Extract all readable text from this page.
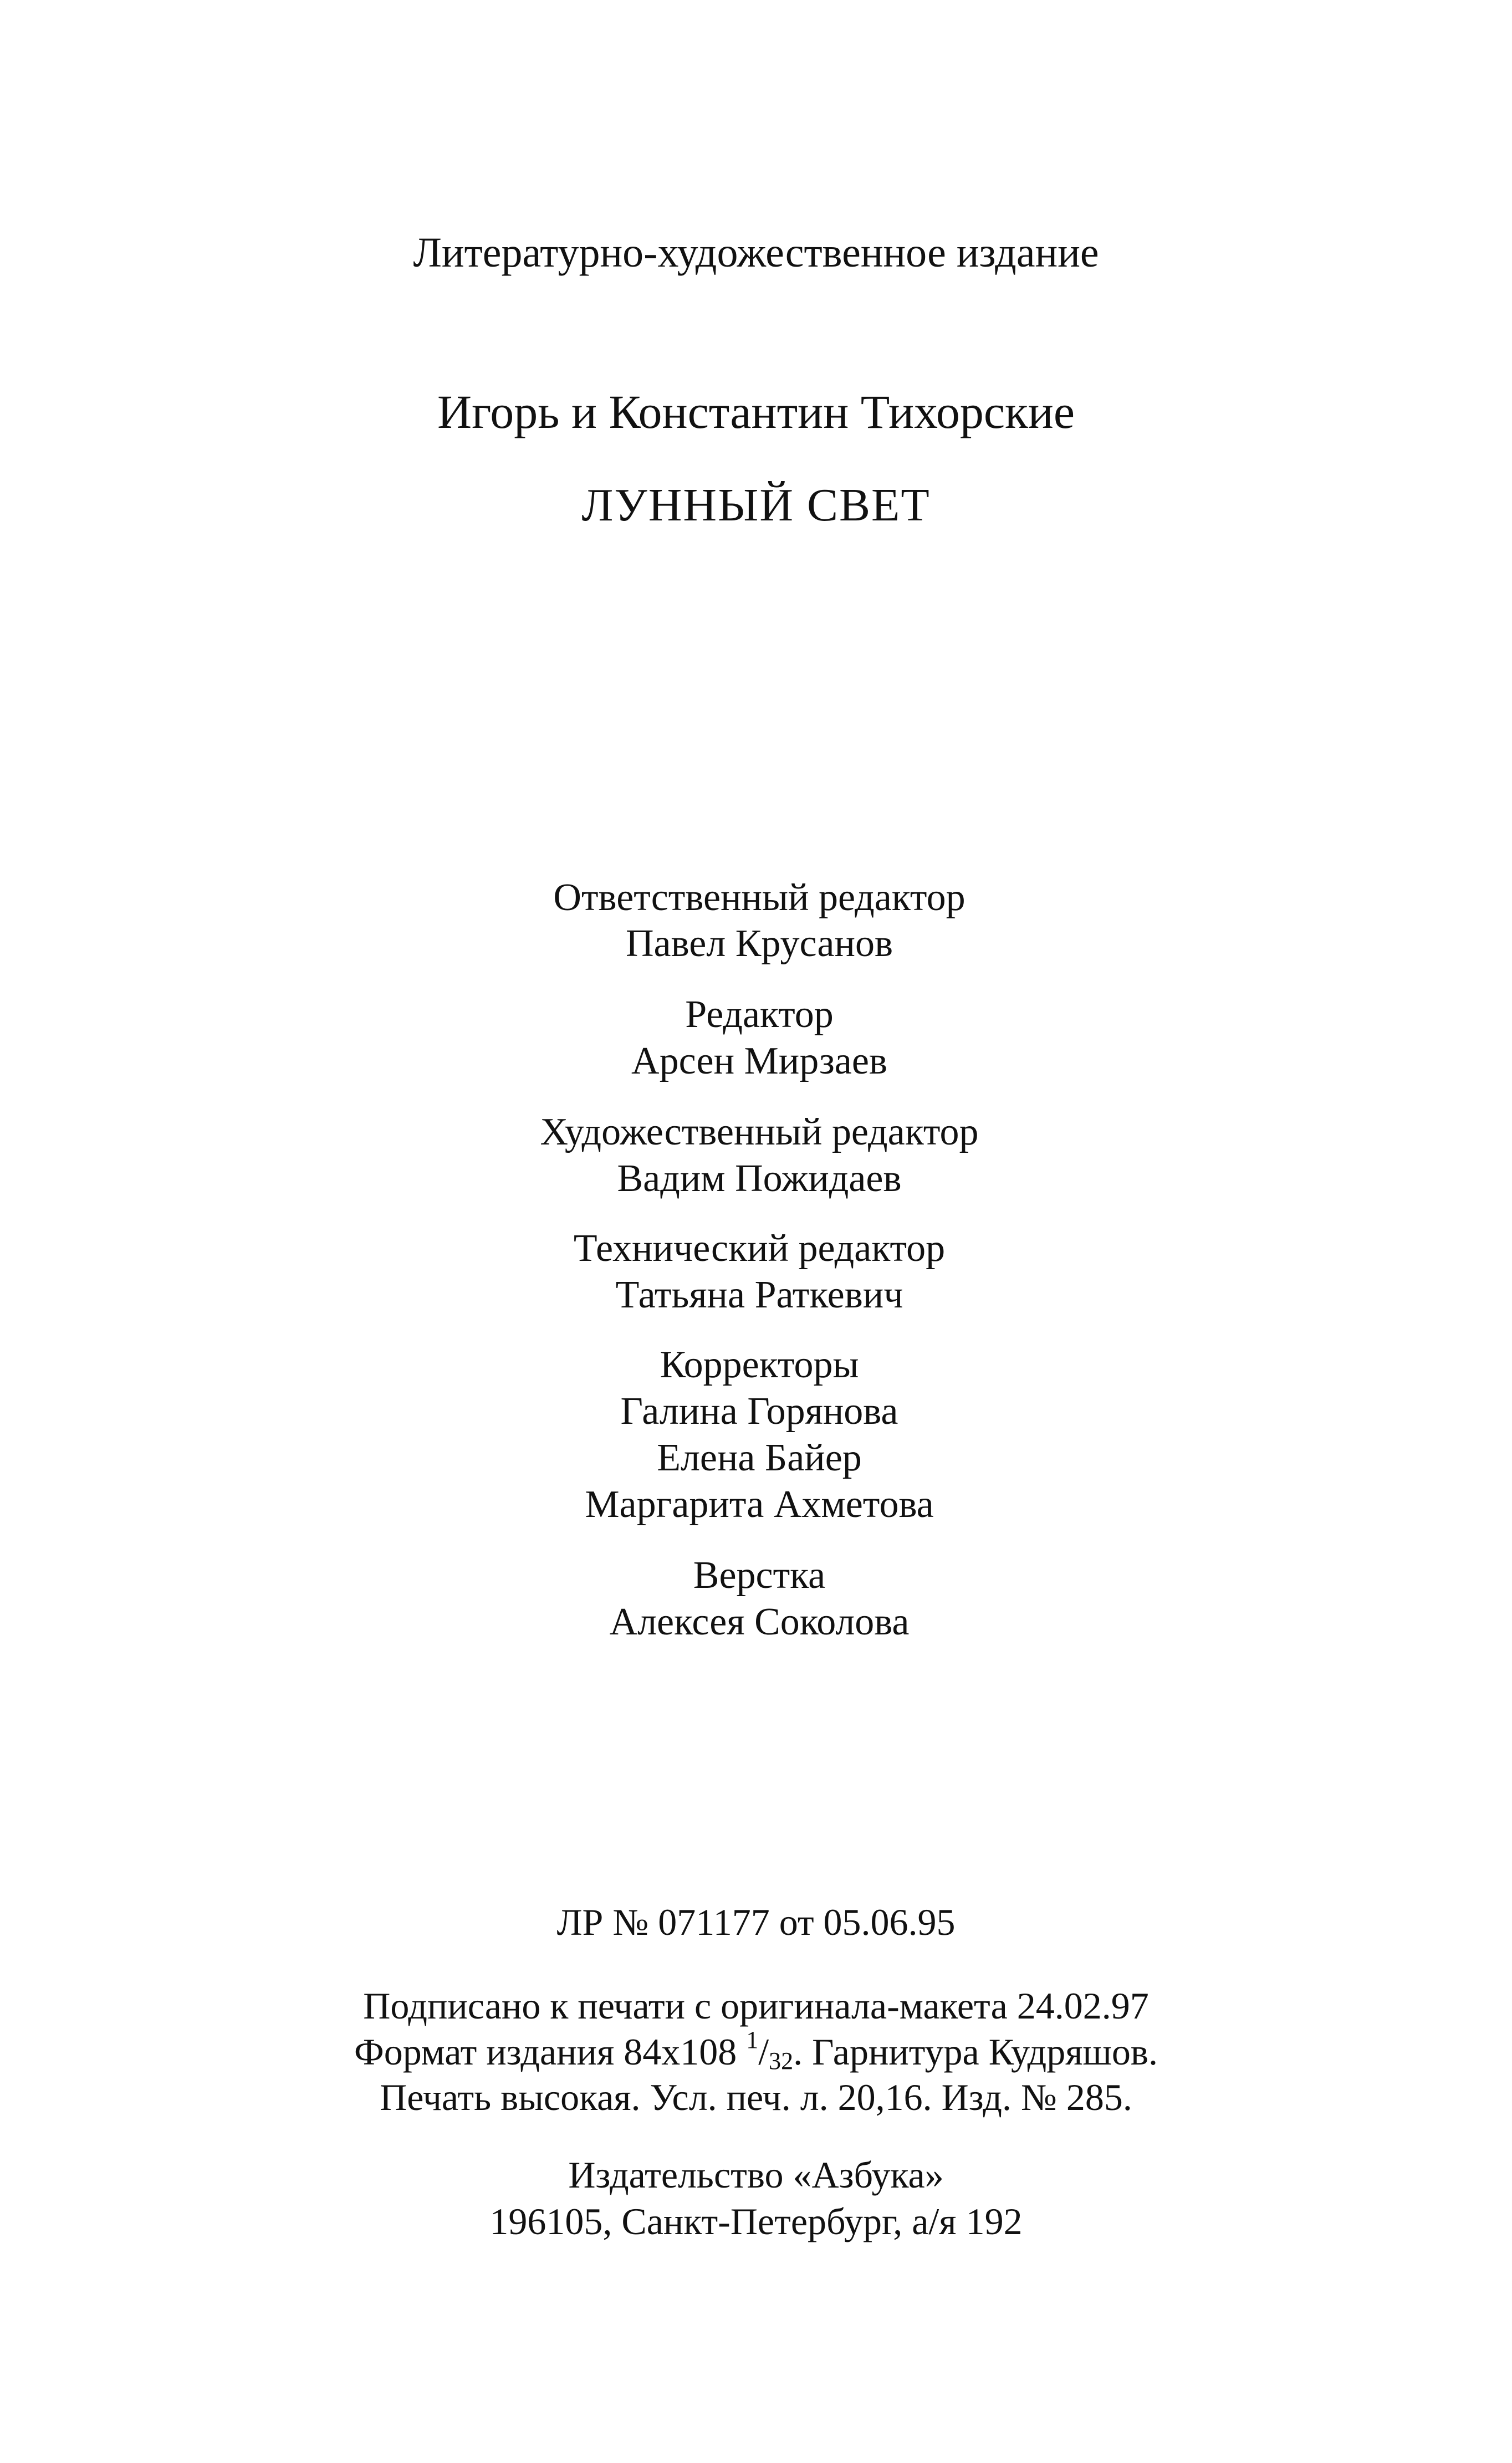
Литературно-художественное издание
Игорь и Константин Тихорские
ЛУННЫЙ СВЕТ
Ответственный редактор
Павел Крусанов
Редактор
Арсен Мирзаев
Художественный редактор
Вадим Пожидаев
Технический редактор
Татьяна Раткевич
Корректоры
Галина Горянова
Елена Байер
Маргарита Ахметова
Верстка
Алексея Соколова
ЛР № 071177 от 05.06.95
Подписано к печати с оригинала-макета 24.02.97
Формат издания 84х108 $^1$/32. Гарнитура Кудряшов.
Печать высокая. Усл. печ. л. 20,16. Изд. № 285.
Издательство «Азбука»
196105, Санкт-Петербург, а/я 192
